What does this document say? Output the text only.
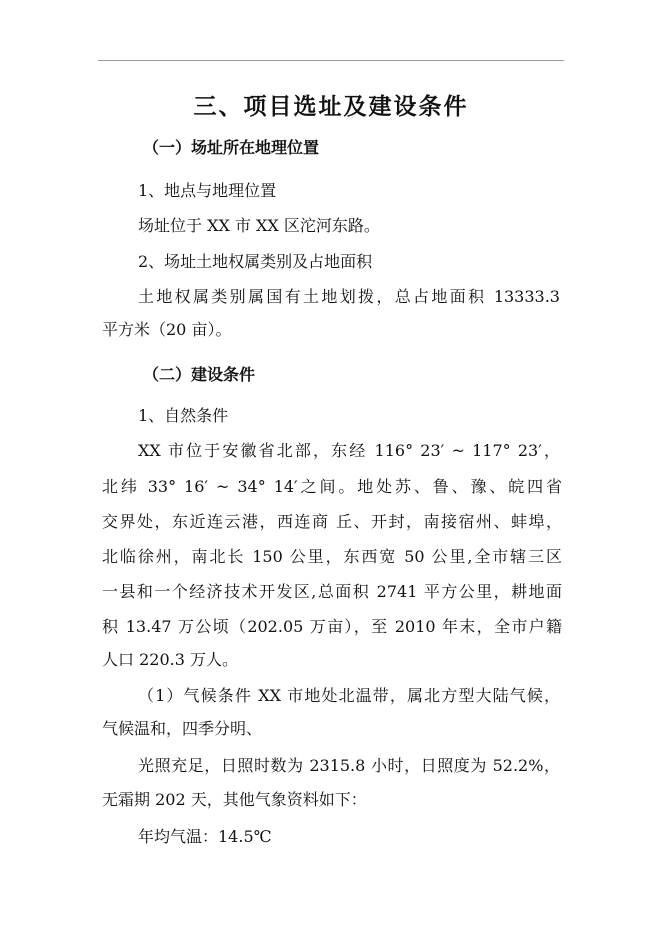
三、项目选址及建设条件

（一）场址所在地理位置

1、地点与地理位置

场址位于 XX 市 XX 区沱河东路。

2、场址土地权属类别及占地面积

土地权属类别属国有土地划拨，总占地面积 13333.3

平方米（20 亩）。

（二）建设条件

1、自然条件

XX 市位于安徽省北部，东经 116° 23′ ~ 117° 23′，

北纬 33° 16′ ~ 34° 14′之间。地处苏、鲁、豫、皖四省

交界处，东近连云港，西连商 丘、开封，南接宿州、蚌埠，

北临徐州，南北长 150 公里，东西宽 50 公里,全市辖三区

一县和一个经济技术开发区,总面积 2741 平方公里，耕地面

积 13.47 万公顷（202.05 万亩），至 2010 年末，全市户籍

人口 220.3 万人。

（1）气候条件 XX 市地处北温带，属北方型大陆气候，

气候温和，四季分明、

光照充足，日照时数为 2315.8 小时，日照度为 52.2%，

无霜期 202 天，其他气象资料如下：

年均气温：14.5℃
